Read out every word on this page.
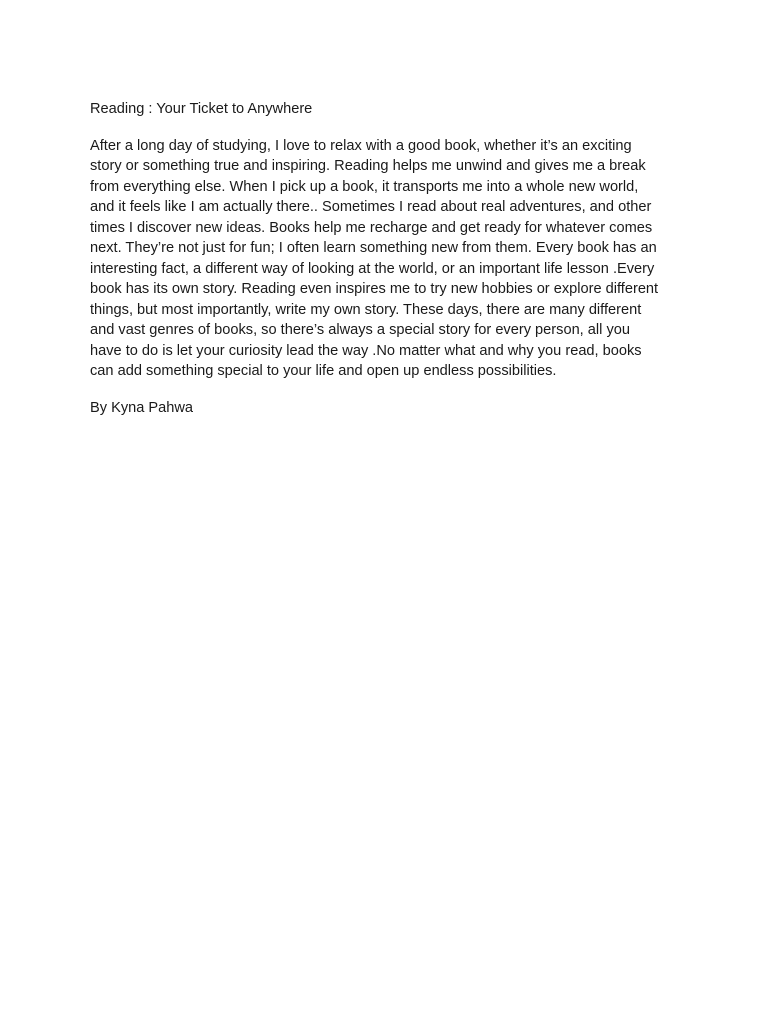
Reading : Your Ticket to Anywhere
After a long day of studying, I love to relax with a good book, whether it’s an exciting
story or something true and inspiring. Reading helps me unwind and gives me a break
from everything else. When I pick up a book, it transports me into a whole new world,
and it feels like I am actually there.. Sometimes I read about real adventures, and other
times I discover new ideas. Books help me recharge and get ready for whatever comes
next. They’re not just for fun; I often learn something new from them. Every book has an
interesting fact, a different way of looking at the world, or an important life lesson .Every
book has its own story. Reading even inspires me to try new hobbies or explore different
things, but most importantly, write my own story. These days, there are many different
and vast genres of books, so there’s always a special story for every person, all you
have to do is let your curiosity lead the way .No matter what and why you read, books
can add something special to your life and open up endless possibilities.
By Kyna Pahwa
